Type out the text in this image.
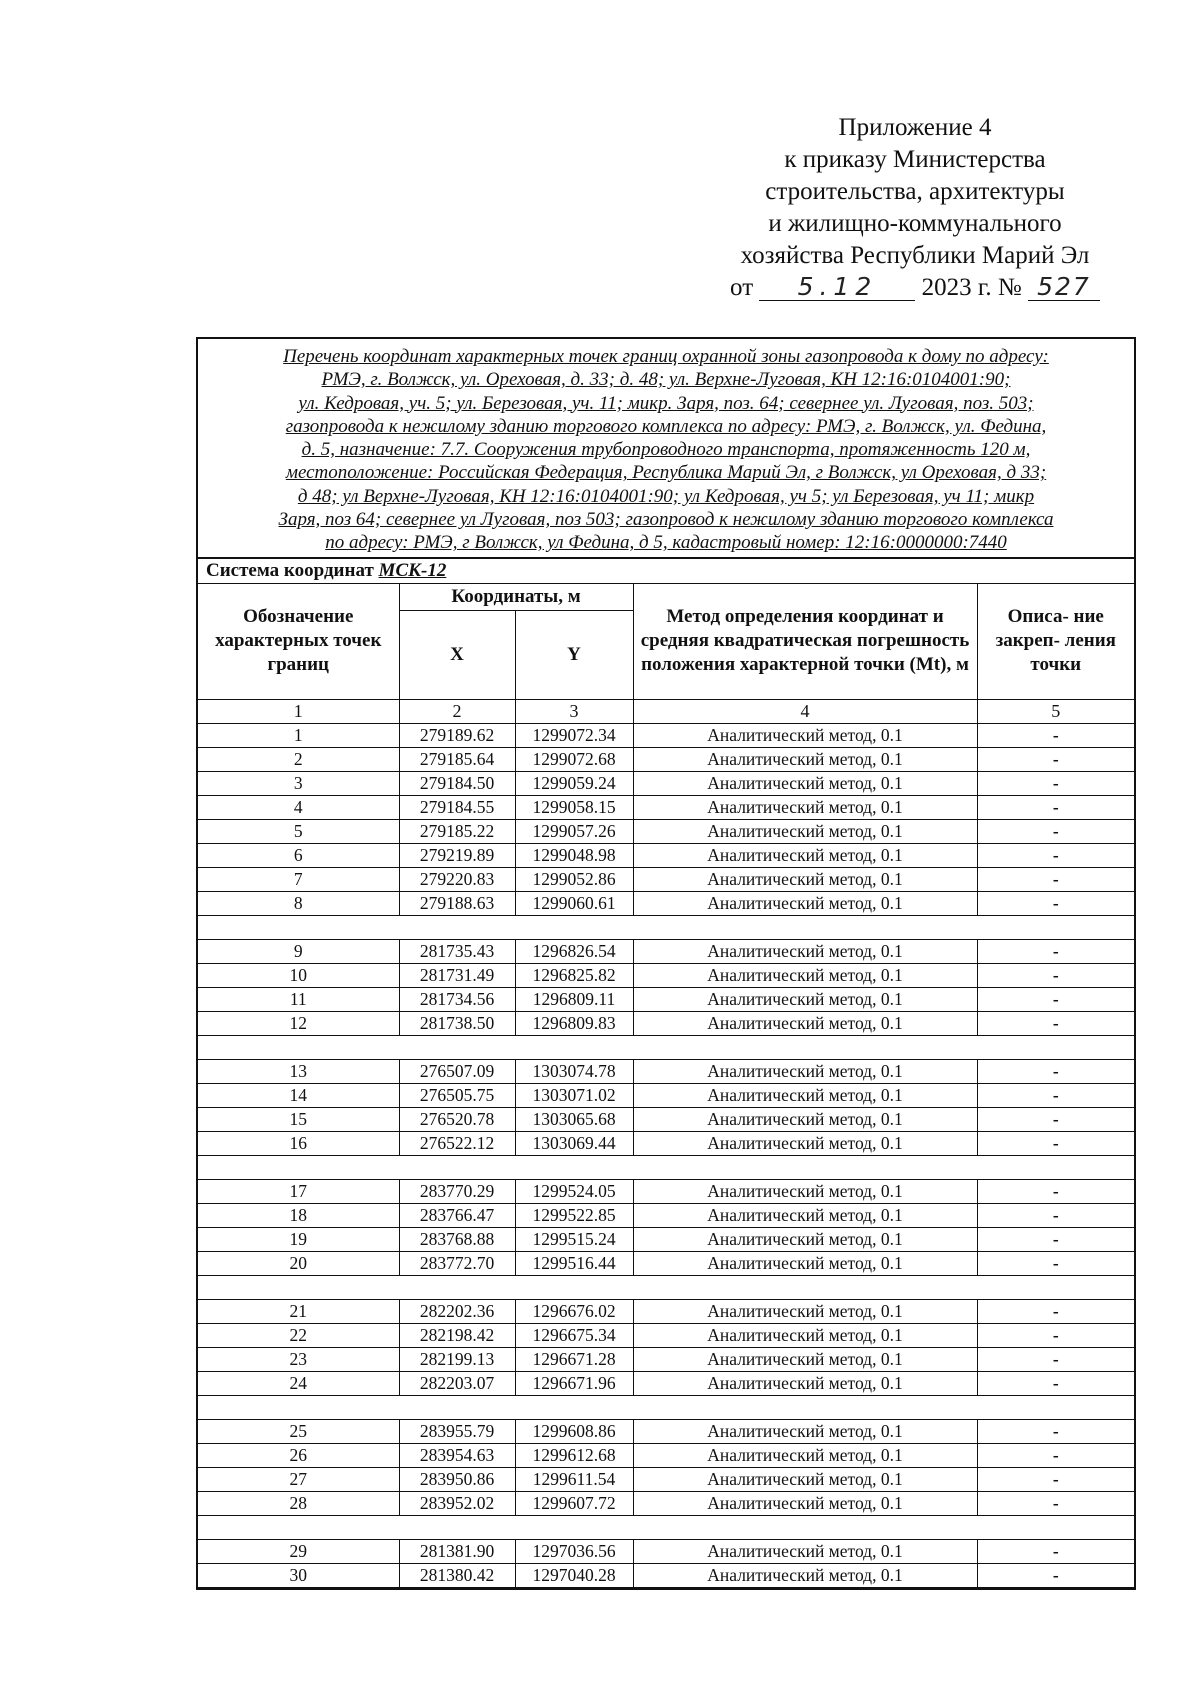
Приложение 4
к приказу Министерства
строительства, архитектуры
и жилищно-коммунального
хозяйства Республики Марий Эл
от 5.12 2023 г. № 527
Перечень координат характерных точек границ охранной зоны газопровода к дому по адресу:
РМЭ, г. Волжск, ул. Ореховая, д. 33; д. 48; ул. Верхне-Луговая, КН 12:16:0104001:90;
ул. Кедровая, уч. 5; ул. Березовая, уч. 11; микр. Заря, поз. 64; севернее ул. Луговая, поз. 503;
газопровода к нежилому зданию торгового комплекса по адресу: РМЭ, г. Волжск, ул. Федина,
д. 5, назначение: 7.7. Сооружения трубопроводного транспорта, протяженность 120 м,
местоположение: Российская Федерация, Республика Марий Эл, г Волжск, ул Ореховая, д 33;
д 48; ул Верхне-Луговая, КН 12:16:0104001:90; ул Кедровая, уч 5; ул Березовая, уч 11; микр
Заря, поз 64; севернее ул Луговая, поз 503; газопровод к нежилому зданию торгового комплекса
по адресу: РМЭ, г Волжск, ул Федина, д 5, кадастровый номер: 12:16:0000000:7440
Система координат МСК-12
Обозначение характерных точек границ	Координаты, м		Метод определения координат и средняя квадратическая погрешность положения характерной точки (Mt), м	Описа- ние закреп- ления точки
	X	Y		
1	2	3	4	5
1	279189.62	1299072.34	Аналитический метод, 0.1	-
2	279185.64	1299072.68	Аналитический метод, 0.1	-
3	279184.50	1299059.24	Аналитический метод, 0.1	-
4	279184.55	1299058.15	Аналитический метод, 0.1	-
5	279185.22	1299057.26	Аналитический метод, 0.1	-
6	279219.89	1299048.98	Аналитический метод, 0.1	-
7	279220.83	1299052.86	Аналитический метод, 0.1	-
8	279188.63	1299060.61	Аналитический метод, 0.1	-

9	281735.43	1296826.54	Аналитический метод, 0.1	-
10	281731.49	1296825.82	Аналитический метод, 0.1	-
11	281734.56	1296809.11	Аналитический метод, 0.1	-
12	281738.50	1296809.83	Аналитический метод, 0.1	-

13	276507.09	1303074.78	Аналитический метод, 0.1	-
14	276505.75	1303071.02	Аналитический метод, 0.1	-
15	276520.78	1303065.68	Аналитический метод, 0.1	-
16	276522.12	1303069.44	Аналитический метод, 0.1	-

17	283770.29	1299524.05	Аналитический метод, 0.1	-
18	283766.47	1299522.85	Аналитический метод, 0.1	-
19	283768.88	1299515.24	Аналитический метод, 0.1	-
20	283772.70	1299516.44	Аналитический метод, 0.1	-

21	282202.36	1296676.02	Аналитический метод, 0.1	-
22	282198.42	1296675.34	Аналитический метод, 0.1	-
23	282199.13	1296671.28	Аналитический метод, 0.1	-
24	282203.07	1296671.96	Аналитический метод, 0.1	-

25	283955.79	1299608.86	Аналитический метод, 0.1	-
26	283954.63	1299612.68	Аналитический метод, 0.1	-
27	283950.86	1299611.54	Аналитический метод, 0.1	-
28	283952.02	1299607.72	Аналитический метод, 0.1	-

29	281381.90	1297036.56	Аналитический метод, 0.1	-
30	281380.42	1297040.28	Аналитический метод, 0.1	-
